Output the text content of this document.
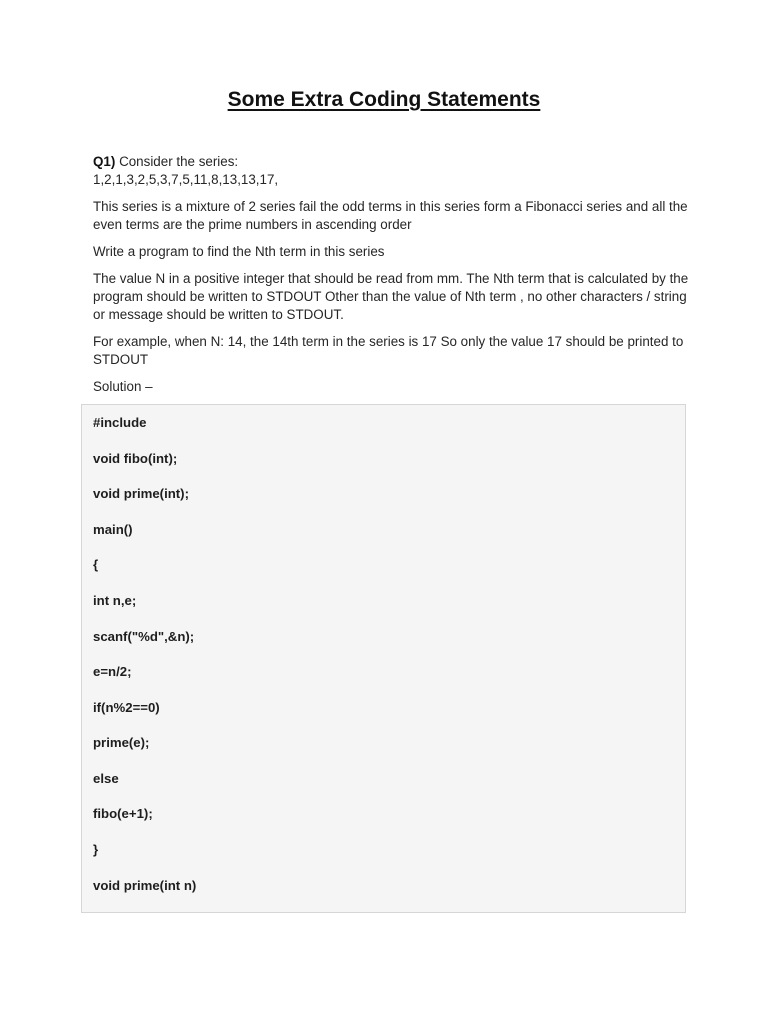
Some Extra Coding Statements

Q1) Consider the series:
1,2,1,3,2,5,3,7,5,11,8,13,13,17,

This series is a mixture of 2 series fail the odd terms in this series form a Fibonacci series and all the even terms are the prime numbers in ascending order

Write a program to find the Nth term in this series

The value N in a positive integer that should be read from mm. The Nth term that is calculated by the program should be written to STDOUT Other than the value of Nth term , no other characters / string or message should be written to STDOUT.

For example, when N: 14, the 14th term in the series is 17 So only the value 17 should be printed to STDOUT

Solution –

#include
void fibo(int);
void prime(int);
main()
{
int n,e;
scanf("%d",&n);
e=n/2;
if(n%2==0)
prime(e);
else
fibo(e+1);
}
void prime(int n)
